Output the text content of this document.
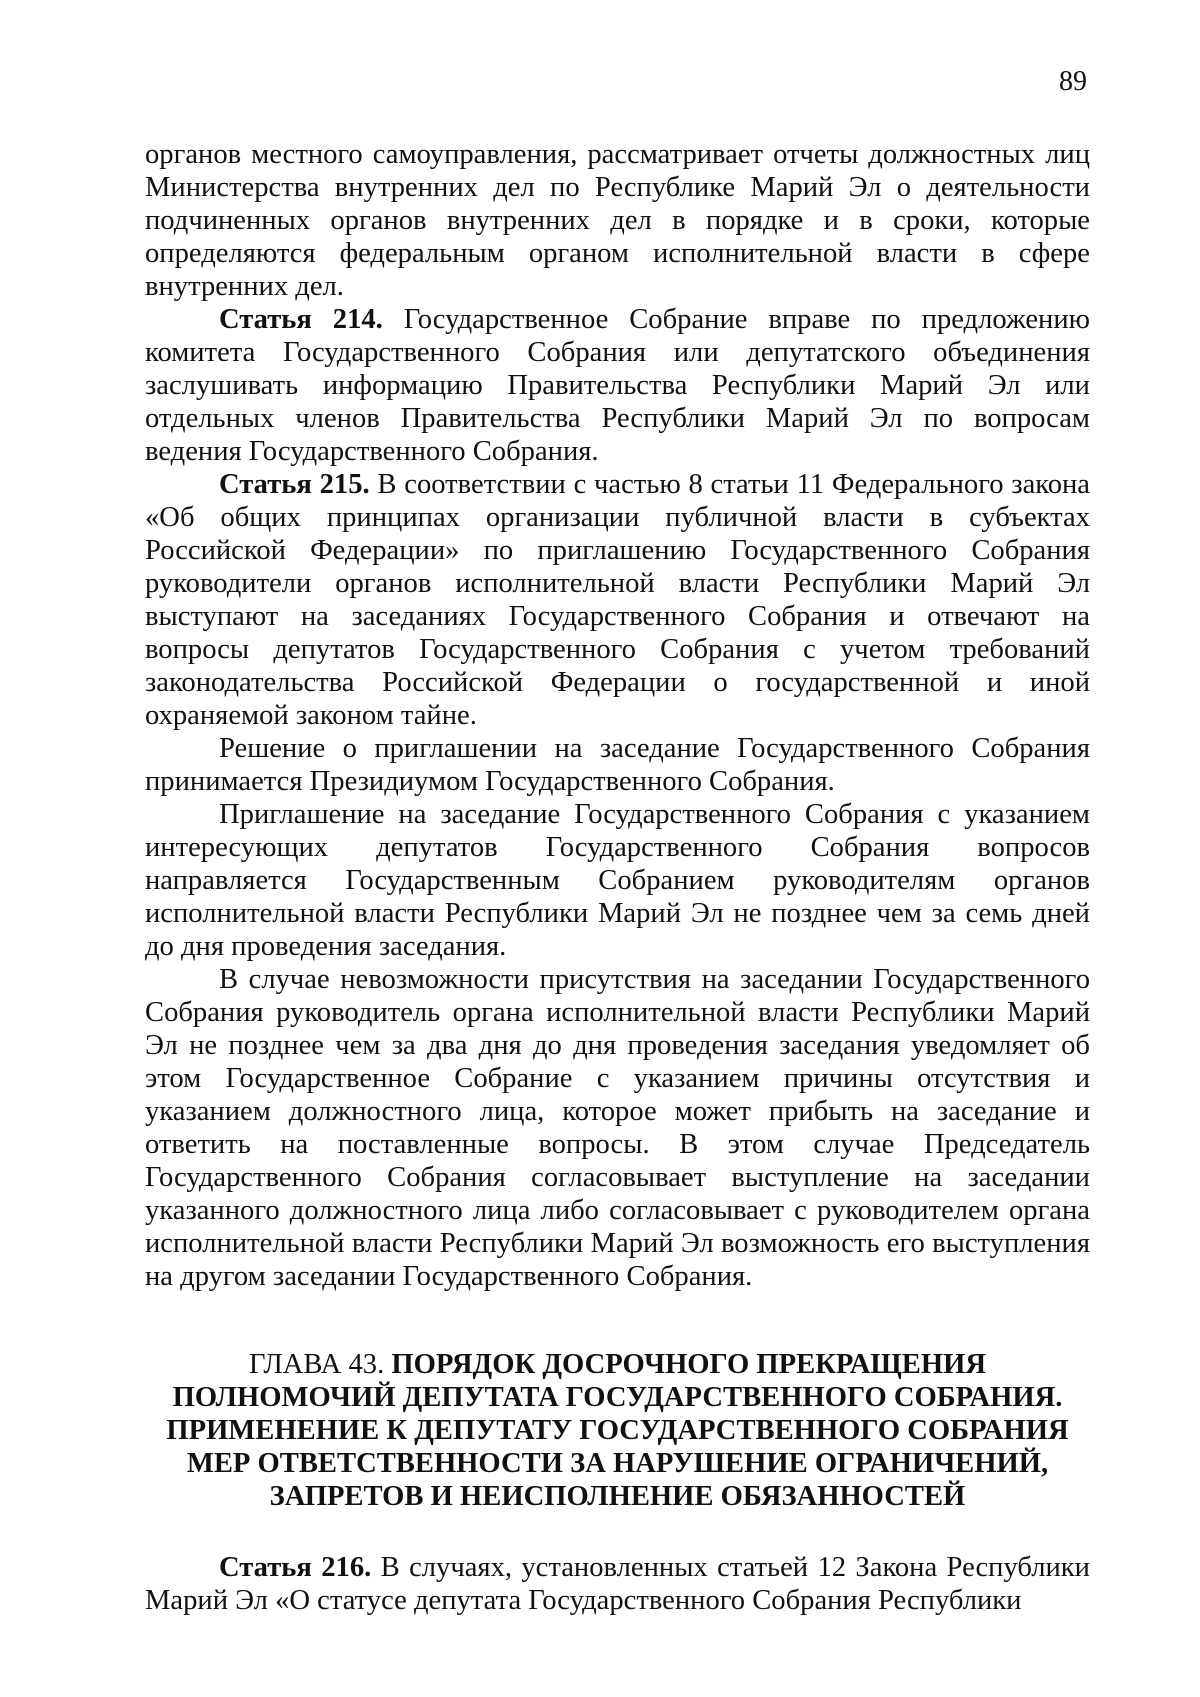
89

органов местного самоуправления, рассматривает отчеты должностных лиц Министерства внутренних дел по Республике Марий Эл о деятельности подчиненных органов внутренних дел в порядке и в сроки, которые определяются федеральным органом исполнительной власти в сфере внутренних дел.

Статья 214. Государственное Собрание вправе по предложению комитета Государственного Собрания или депутатского объединения заслушивать информацию Правительства Республики Марий Эл или отдельных членов Правительства Республики Марий Эл по вопросам ведения Государственного Собрания.

Статья 215. В соответствии с частью 8 статьи 11 Федерального закона «Об общих принципах организации публичной власти в субъектах Российской Федерации» по приглашению Государственного Собрания руководители органов исполнительной власти Республики Марий Эл выступают на заседаниях Государственного Собрания и отвечают на вопросы депутатов Государственного Собрания с учетом требований законодательства Российской Федерации о государственной и иной охраняемой законом тайне.

Решение о приглашении на заседание Государственного Собрания принимается Президиумом Государственного Собрания.

Приглашение на заседание Государственного Собрания с указанием интересующих депутатов Государственного Собрания вопросов направляется Государственным Собранием руководителям органов исполнительной власти Республики Марий Эл не позднее чем за семь дней до дня проведения заседания.

В случае невозможности присутствия на заседании Государственного Собрания руководитель органа исполнительной власти Республики Марий Эл не позднее чем за два дня до дня проведения заседания уведомляет об этом Государственное Собрание с указанием причины отсутствия и указанием должностного лица, которое может прибыть на заседание и ответить на поставленные вопросы. В этом случае Председатель Государственного Собрания согласовывает выступление на заседании указанного должностного лица либо согласовывает с руководителем органа исполнительной власти Республики Марий Эл возможность его выступления на другом заседании Государственного Собрания.

ГЛАВА 43. ПОРЯДОК ДОСРОЧНОГО ПРЕКРАЩЕНИЯ ПОЛНОМОЧИЙ ДЕПУТАТА ГОСУДАРСТВЕННОГО СОБРАНИЯ. ПРИМЕНЕНИЕ К ДЕПУТАТУ ГОСУДАРСТВЕННОГО СОБРАНИЯ МЕР ОТВЕТСТВЕННОСТИ ЗА НАРУШЕНИЕ ОГРАНИЧЕНИЙ, ЗАПРЕТОВ И НЕИСПОЛНЕНИЕ ОБЯЗАННОСТЕЙ

Статья 216. В случаях, установленных статьей 12 Закона Республики Марий Эл «О статусе депутата Государственного Собрания Республики
